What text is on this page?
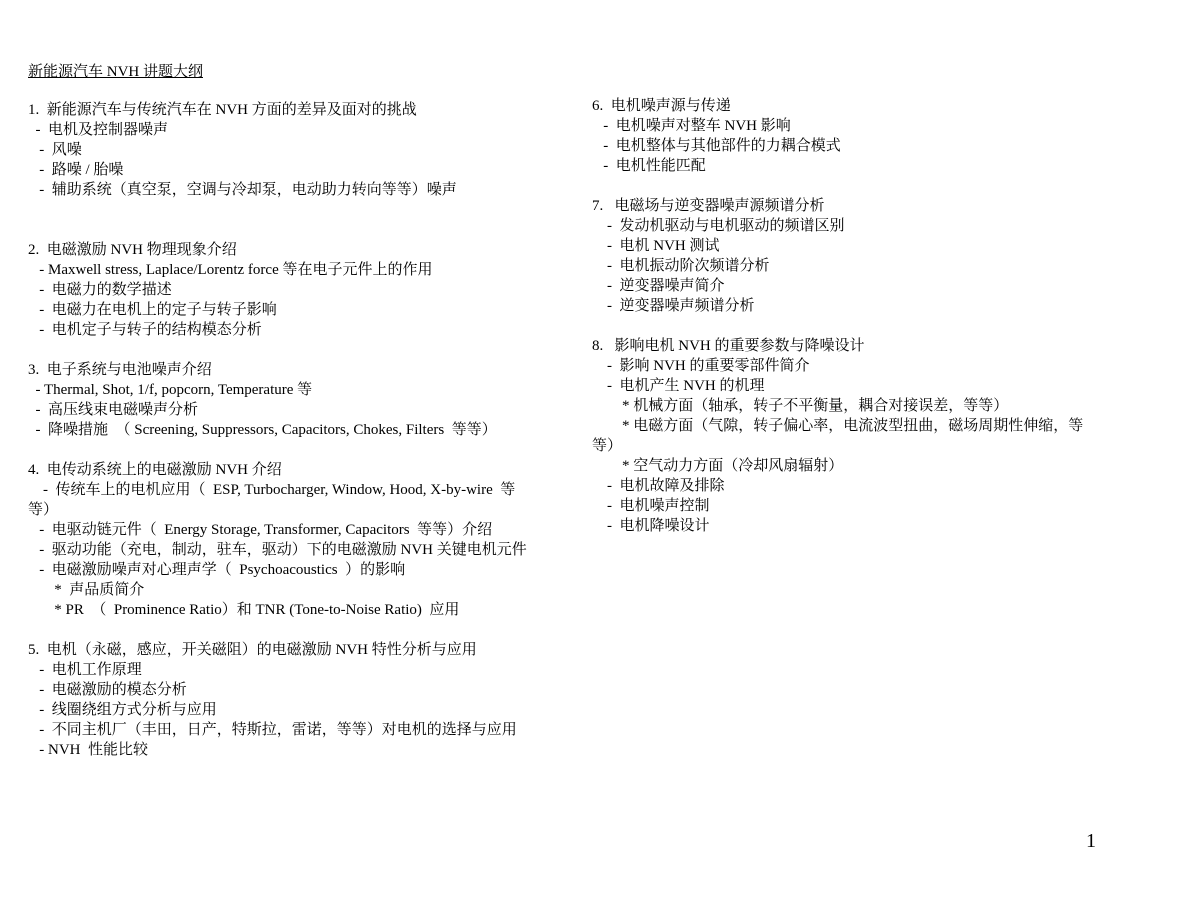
新能源汽车 NVH 讲题大纲
1.  新能源汽车与传统汽车在 NVH 方面的差异及面对的挑战
-  电机及控制器噪声
-  风噪
-  路噪 / 胎噪
-  辅助系统（真空泵，空调与冷却泵，电动助力转向等等）噪声
2.  电磁激励 NVH 物理现象介绍
- Maxwell stress, Laplace/Lorentz force 等在电子元件上的作用
-  电磁力的数学描述
-  电磁力在电机上的定子与转子影响
-  电机定子与转子的结构模态分析
3.  电子系统与电池噪声介绍
- Thermal, Shot, 1/f, popcorn, Temperature 等
-  高压线束电磁噪声分析
-  降噪措施  （ Screening, Suppressors, Capacitors, Chokes, Filters  等等）
4.  电传动系统上的电磁激励 NVH 介绍
-  传统车上的电机应用（  ESP, Turbocharger, Window, Hood, X-by-wire  等
等）
-  电驱动链元件（  Energy Storage, Transformer, Capacitors  等等）介绍
-  驱动功能（充电，制动，驻车，驱动）下的电磁激励 NVH 关键电机元件
-  电磁激励噪声对心理声学（  Psychoacoustics  ）的影响
*  声品质简介
* PR  （  Prominence Ratio）和 TNR (Tone-to-Noise Ratio)  应用
5.  电机（永磁，感应，开关磁阻）的电磁激励 NVH 特性分析与应用
-  电机工作原理
-  电磁激励的模态分析
-  线圈绕组方式分析与应用
-  不同主机厂（丰田，日产，特斯拉，雷诺，等等）对电机的选择与应用
- NVH  性能比较
6.  电机噪声源与传递
-  电机噪声对整车 NVH 影响
-  电机整体与其他部件的力耦合模式
-  电机性能匹配
7.   电磁场与逆变器噪声源频谱分析
-  发动机驱动与电机驱动的频谱区别
-  电机 NVH 测试
-  电机振动阶次频谱分析
-  逆变器噪声简介
-  逆变器噪声频谱分析
8.   影响电机 NVH 的重要参数与降噪设计
-  影响 NVH 的重要零部件简介
-  电机产生 NVH 的机理
* 机械方面（轴承，转子不平衡量，耦合对接误差，等等）
* 电磁方面（气隙，转子偏心率，电流波型扭曲，磁场周期性伸缩，等
等）
* 空气动力方面（冷却风扇辐射）
-  电机故障及排除
-  电机噪声控制
-  电机降噪设计
1
